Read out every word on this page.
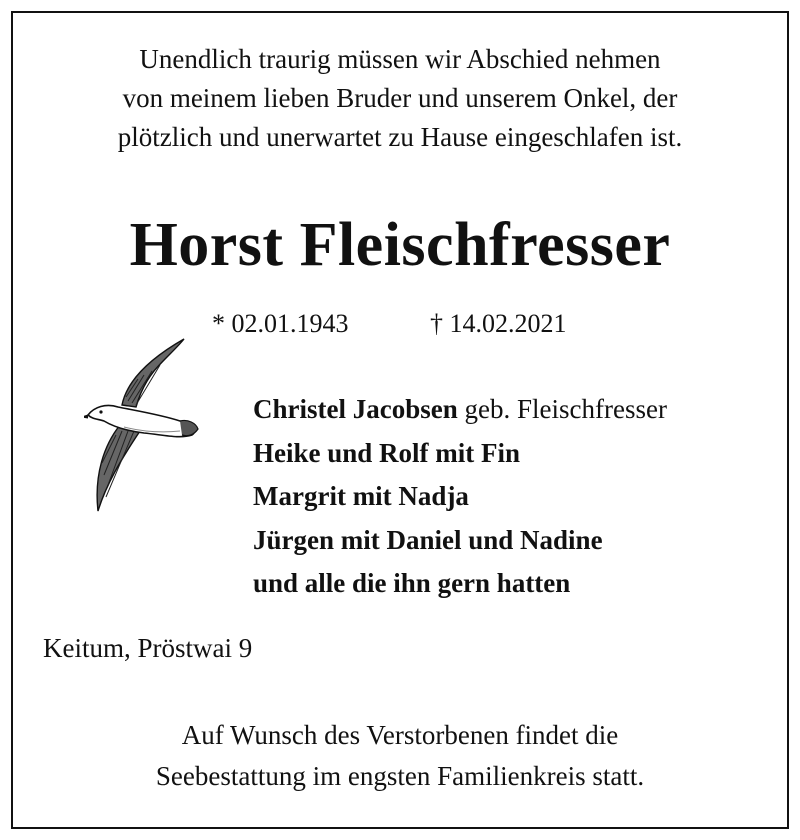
Unendlich traurig müssen wir Abschied nehmen
von meinem lieben Bruder und unserem Onkel, der
plötzlich und unerwartet zu Hause eingeschlafen ist.
Horst Fleischfresser
* 02.01.1943	† 14.02.2021
Christel Jacobsen geb. Fleischfresser
Heike und Rolf mit Fin
Margrit mit Nadja
Jürgen mit Daniel und Nadine
und alle die ihn gern hatten
Keitum, Pröstwai 9
Auf Wunsch des Verstorbenen findet die
Seebestattung im engsten Familienkreis statt.
